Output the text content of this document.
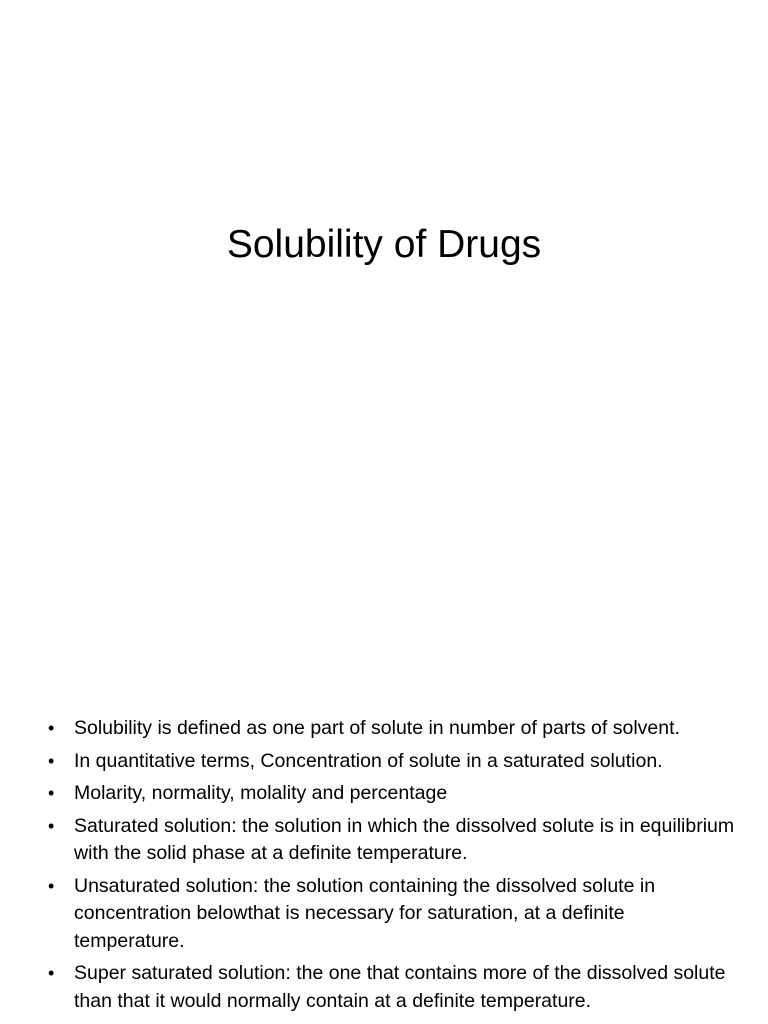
Solubility of Drugs
•	Solubility is defined as one part of solute in number of parts of solvent.
•	In quantitative terms, Concentration of solute in a saturated solution.
•	Molarity, normality, molality and percentage
•	Saturated solution: the solution in which the dissolved solute is in equilibrium with the solid phase at a definite temperature.
•	Unsaturated solution: the solution containing the dissolved solute in concentration belowthat is necessary for saturation, at a definite temperature.
•	Super saturated solution: the one that contains more of the dissolved solute than that it would normally contain at a definite temperature.
